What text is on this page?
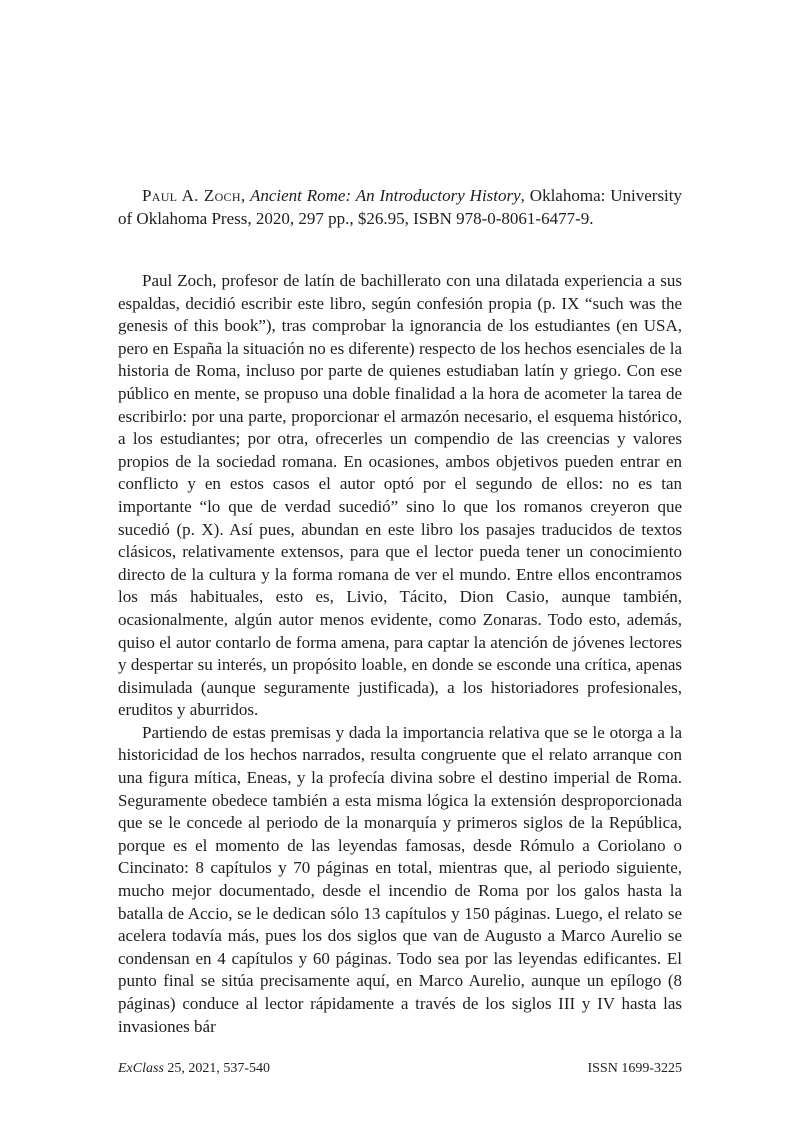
Paul A. Zoch, Ancient Rome: An Introductory History, Oklahoma: University of Oklahoma Press, 2020, 297 pp., $26.95, ISBN 978-0-8061-6477-9.

Paul Zoch, profesor de latín de bachillerato con una dilatada experiencia a sus espaldas, decidió escribir este libro, según confesión propia (p. IX “such was the genesis of this book”), tras comprobar la ignorancia de los estudiantes (en USA, pero en España la situación no es diferente) respecto de los hechos esenciales de la historia de Roma, incluso por parte de quienes estudiaban latín y griego. Con ese público en mente, se propuso una doble finalidad a la hora de acometer la tarea de escribirlo: por una parte, proporcionar el armazón necesario, el esquema histórico, a los estudiantes; por otra, ofrecerles un compendio de las creencias y valores propios de la sociedad romana. En ocasiones, ambos objetivos pueden entrar en conflicto y en estos casos el autor optó por el segundo de ellos: no es tan importante “lo que de verdad sucedió” sino lo que los romanos creyeron que sucedió (p. X). Así pues, abundan en este libro los pasajes traducidos de textos clásicos, relativamente extensos, para que el lector pueda tener un conocimiento directo de la cultura y la forma romana de ver el mundo. Entre ellos encontramos los más habituales, esto es, Livio, Tácito, Dion Casio, aunque también, ocasionalmente, algún autor menos evidente, como Zonaras. Todo esto, además, quiso el autor contarlo de forma amena, para captar la atención de jóvenes lectores y despertar su interés, un propósito loable, en donde se esconde una crítica, apenas disimulada (aunque seguramente justificada), a los historiadores profesionales, eruditos y aburridos.

Partiendo de estas premisas y dada la importancia relativa que se le otorga a la historicidad de los hechos narrados, resulta congruente que el relato arranque con una figura mítica, Eneas, y la profecía divina sobre el destino imperial de Roma. Seguramente obedece también a esta misma lógica la extensión desproporcionada que se le concede al periodo de la monarquía y primeros siglos de la República, porque es el momento de las leyendas famosas, desde Rómulo a Coriolano o Cincinato: 8 capítulos y 70 páginas en total, mientras que, al periodo siguiente, mucho mejor documentado, desde el incendio de Roma por los galos hasta la batalla de Accio, se le dedican sólo 13 capítulos y 150 páginas. Luego, el relato se acelera todavía más, pues los dos siglos que van de Augusto a Marco Aurelio se condensan en 4 capítulos y 60 páginas. Todo sea por las leyendas edificantes. El punto final se sitúa precisamente aquí, en Marco Aurelio, aunque un epílogo (8 páginas) conduce al lector rápidamente a través de los siglos III y IV hasta las invasiones bár

ExClass 25, 2021, 537-540	ISSN 1699-3225
